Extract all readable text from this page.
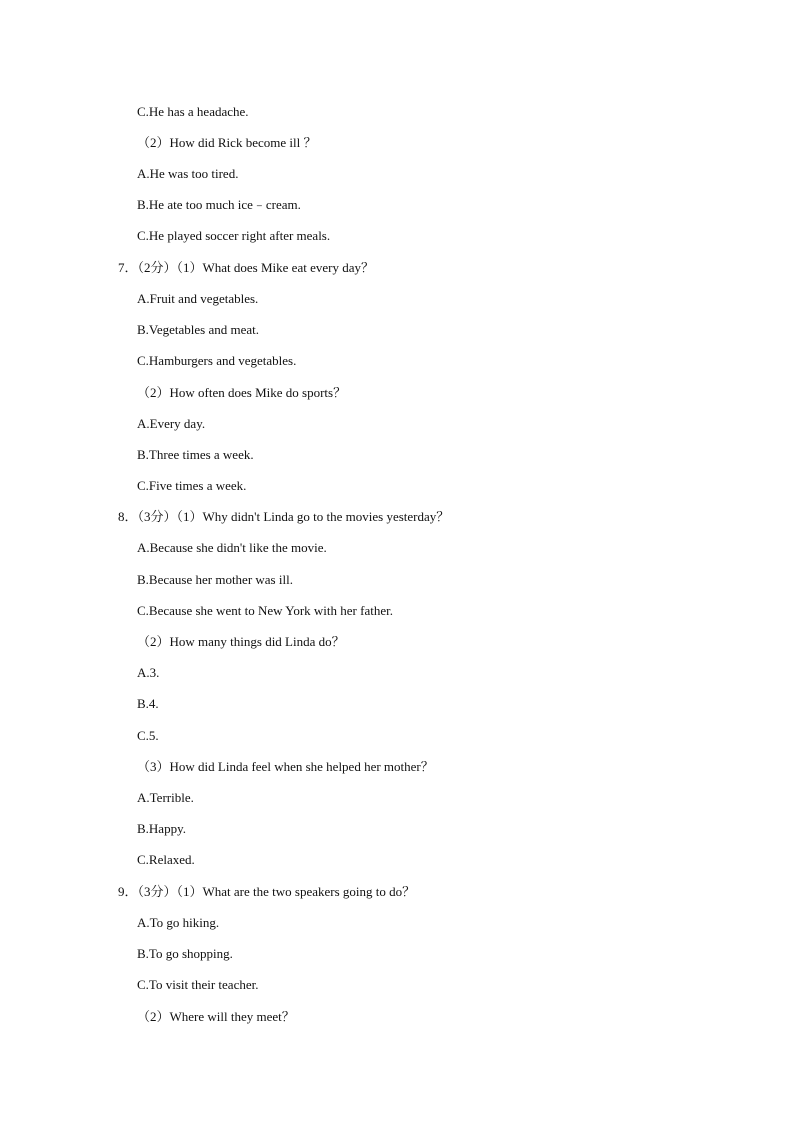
C.He has a headache.
（2）How did Rick become ill ？
A.He was too tired.
B.He ate too much ice﹣cream.
C.He played soccer right after meals.
7．（2分）（1）What does Mike eat every day？
A.Fruit and vegetables.
B.Vegetables and meat.
C.Hamburgers and vegetables.
（2）How often does Mike do sports？
A.Every day.
B.Three times a week.
C.Five times a week.
8．（3分）（1）Why didn't Linda go to the movies yesterday？
A.Because she didn't like the movie.
B.Because her mother was ill.
C.Because she went to New York with her father.
（2）How many things did Linda do？
A.3.
B.4.
C.5.
（3）How did Linda feel when she helped her mother？
A.Terrible.
B.Happy.
C.Relaxed.
9．（3分）（1）What are the two speakers going to do？
A.To go hiking.
B.To go shopping.
C.To visit their teacher.
（2）Where will they meet？
